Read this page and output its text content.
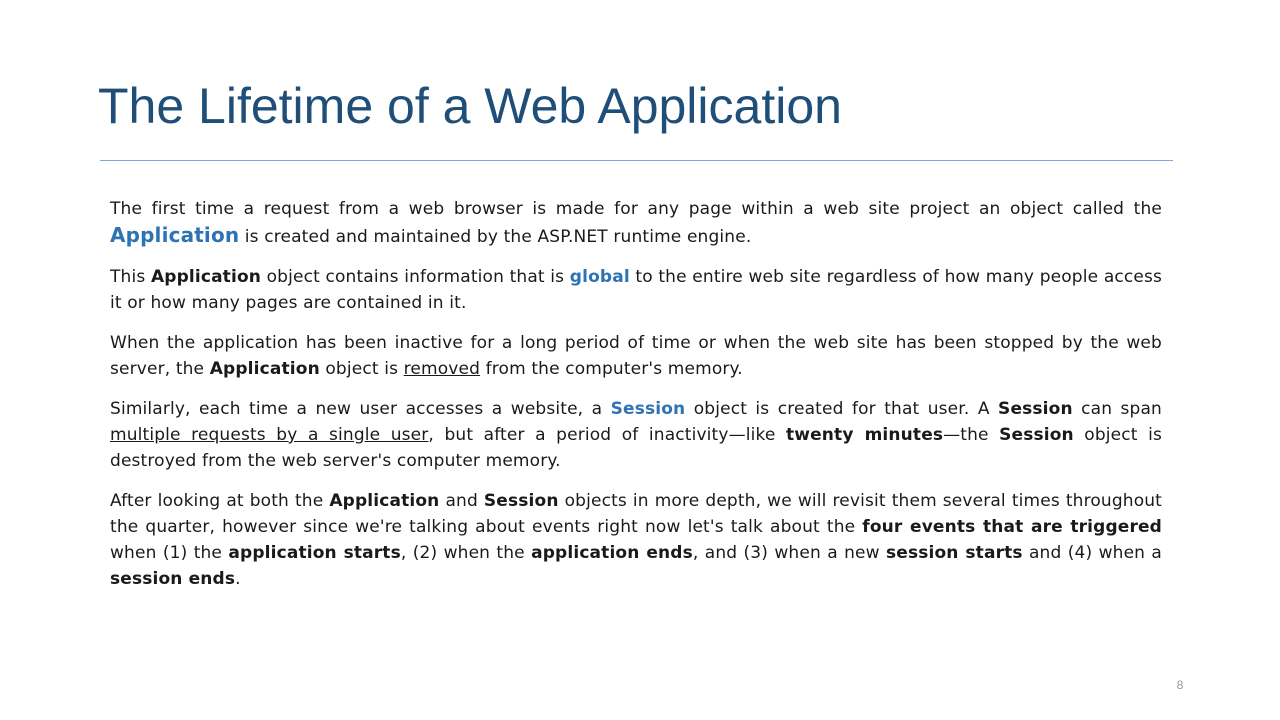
The Lifetime of a Web Application

The first time a request from a web browser is made for any page within a web site project an object called the Application is created and maintained by the ASP.NET runtime engine.

This Application object contains information that is global to the entire web site regardless of how many people access it or how many pages are contained in it.

When the application has been inactive for a long period of time or when the web site has been stopped by the web server, the Application object is removed from the computer's memory.

Similarly, each time a new user accesses a website, a Session object is created for that user. A Session can span multiple requests by a single user, but after a period of inactivity—like twenty minutes—the Session object is destroyed from the web server's computer memory.

After looking at both the Application and Session objects in more depth, we will revisit them several times throughout the quarter, however since we're talking about events right now let's talk about the four events that are triggered when (1) the application starts, (2) when the application ends, and (3) when a new session starts and (4) when a session ends.

8
